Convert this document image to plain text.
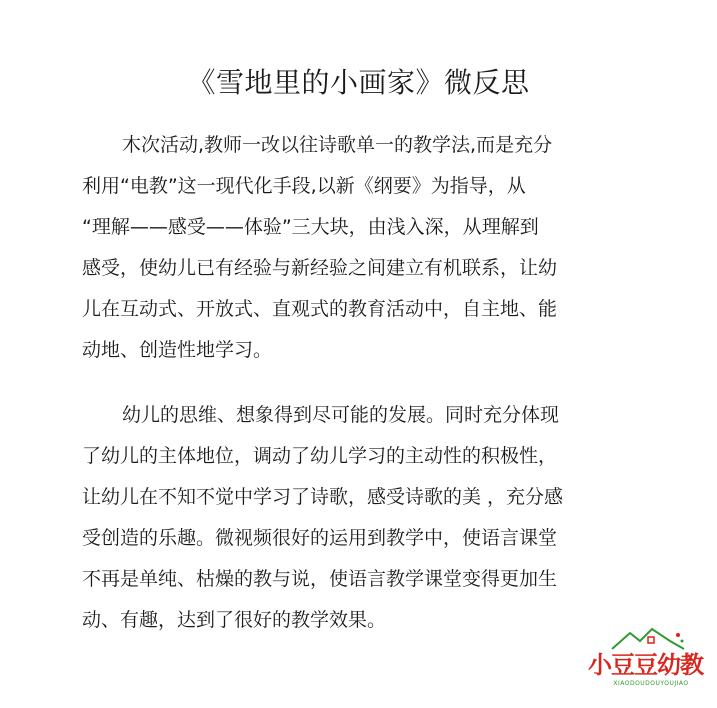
《雪地里的小画家》微反思

木次活动,教师一改以往诗歌单一的教学法,而是充分
利用“电教”这一现代化手段,以新《纲要》为指导，从
“理解——感受——体验”三大块，由浅入深，从理解到
感受，使幼儿已有经验与新经验之间建立有机联系，让幼
儿在互动式、开放式、直观式的教育活动中，自主地、能
动地、创造性地学习。

幼儿的思维、想象得到尽可能的发展。同时充分体现
了幼儿的主体地位，调动了幼儿学习的主动性的积极性，
让幼儿在不知不觉中学习了诗歌，感受诗歌的美 ，充分感
受创造的乐趣。微视频很好的运用到教学中，使语言课堂
不再是单纯、枯燥的教与说，使语言教学课堂变得更加生
动、有趣，达到了很好的教学效果。

小豆豆幼教
XIAODOUDOUYOUJIAO
